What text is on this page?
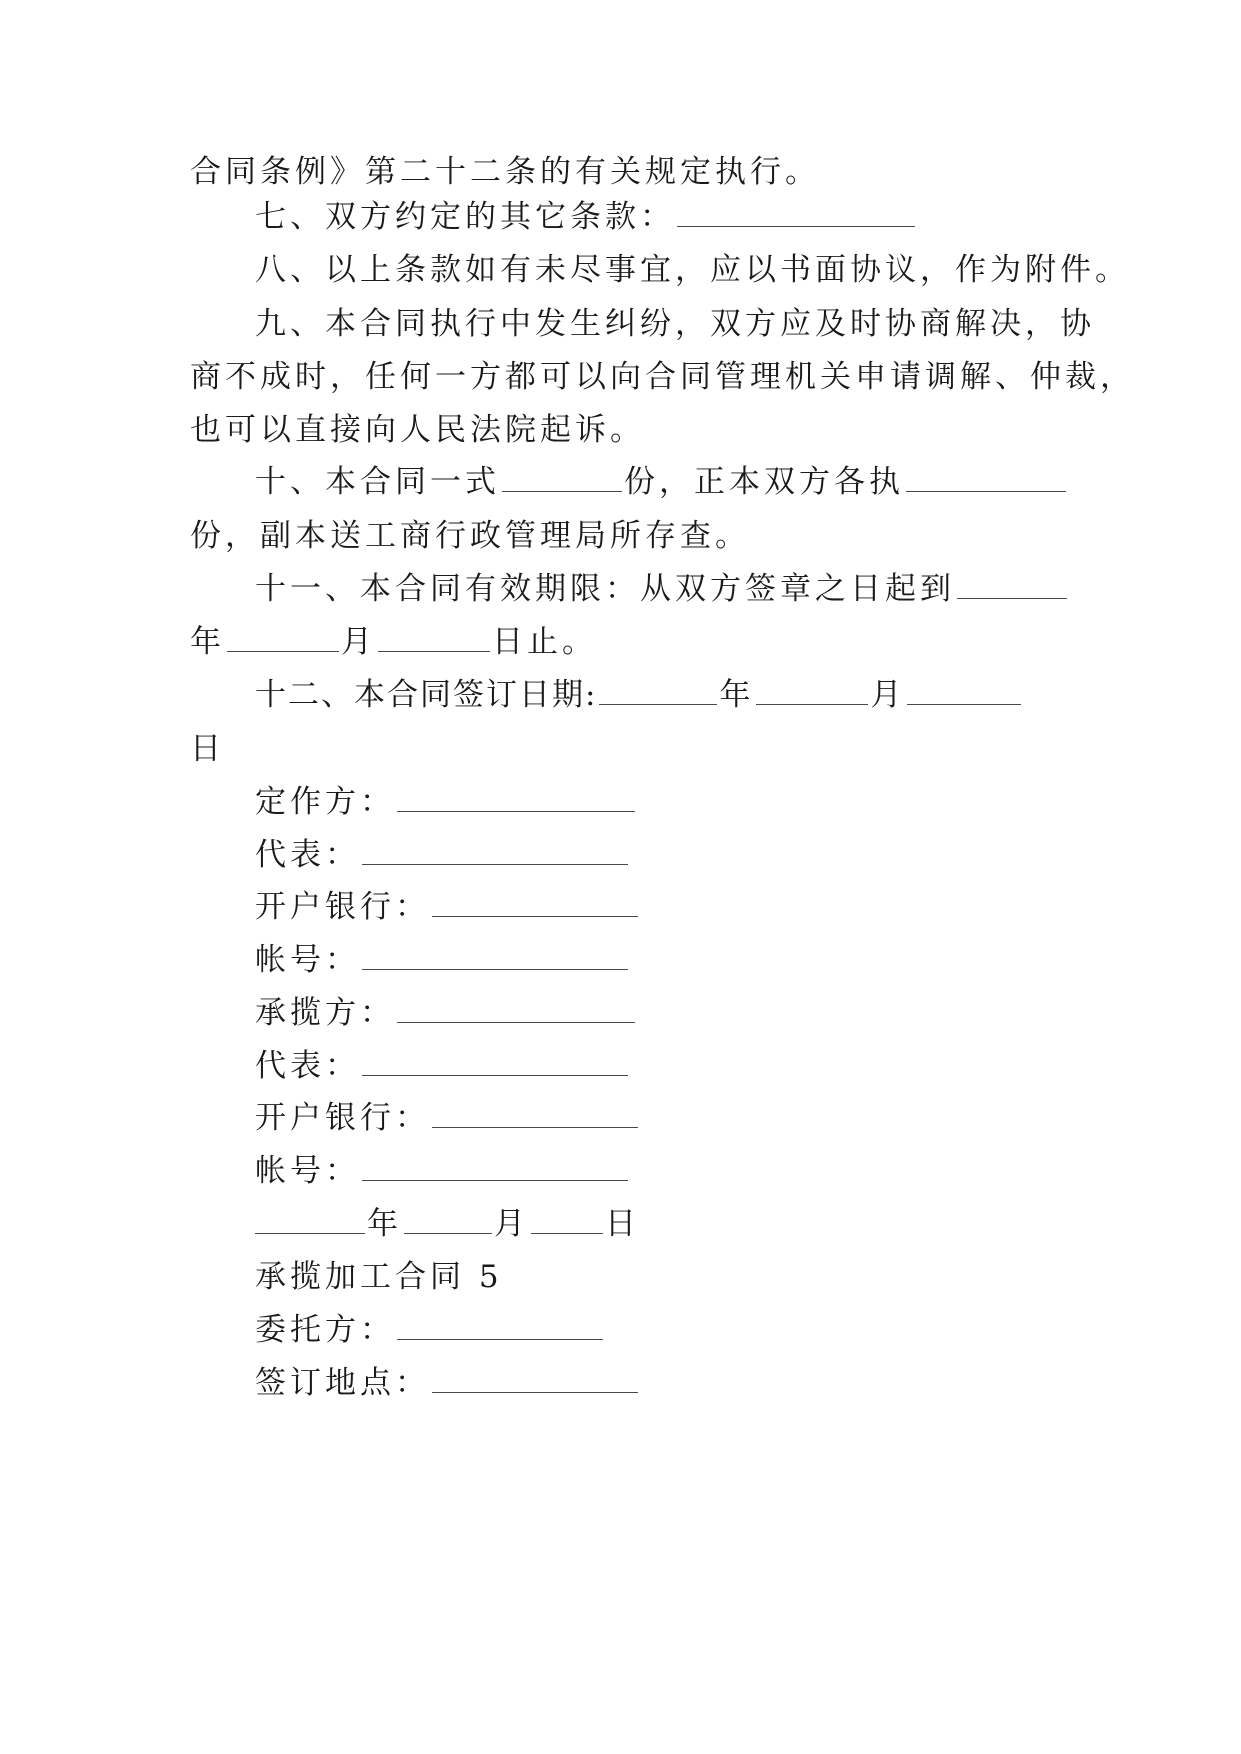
合同条例》第二十二条的有关规定执行。
七、双方约定的其它条款：
八、以上条款如有未尽事宜，应以书面协议，作为附件。
九、本合同执行中发生纠纷，双方应及时协商解决，协
商不成时，任何一方都可以向合同管理机关申请调解、仲裁，
也可以直接向人民法院起诉。
十、本合同一式	份，正本双方各执
份，副本送工商行政管理局所存查。
十一、本合同有效期限：从双方签章之日起到
年	月	日止。
十二、本合同签订日期:	年	月
日
定作方：
代表：
开户银行：
帐号：
承揽方：
代表：
开户银行：
帐号：
年	月 日
承揽加工合同 5
委托方：
签订地点：
